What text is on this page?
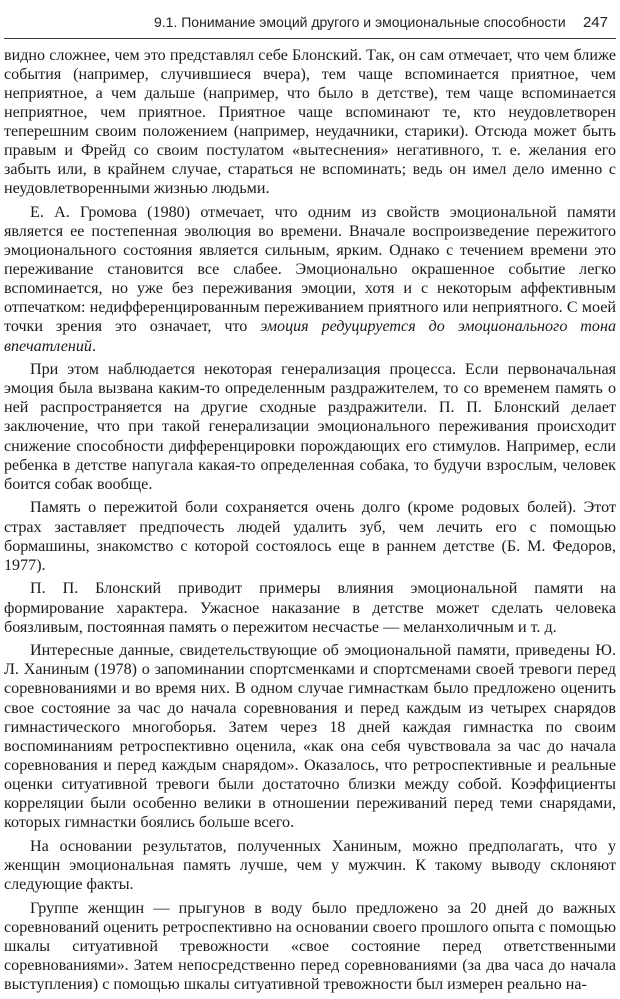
9.1. Понимание эмоций другого и эмоциональные способности 247

видно сложнее, чем это представлял себе Блонский. Так, он сам отмечает, что чем ближе события (например, случившиеся вчера), тем чаще вспоминается приятное, чем неприятное, а чем дальше (например, что было в детстве), тем чаще вспоминается неприятное, чем приятное. Приятное чаще вспоминают те, кто неудовлетворен теперешним своим положением (например, неудачники, старики). Отсюда может быть правым и Фрейд со своим постулатом «вытеснения» негативного, т. е. желания его забыть или, в крайнем случае, стараться не вспоминать; ведь он имел дело именно с неудовлетворенными жизнью людьми.

Е. А. Громова (1980) отмечает, что одним из свойств эмоциональной памяти является ее постепенная эволюция во времени. Вначале воспроизведение пережитого эмоционального состояния является сильным, ярким. Однако с течением времени это переживание становится все слабее. Эмоционально окрашенное событие легко вспоминается, но уже без переживания эмоции, хотя и с некоторым аффективным отпечатком: недифференцированным переживанием приятного или неприятного. С моей точки зрения это означает, что эмоция редуцируется до эмоционального тона впечатлений.

При этом наблюдается некоторая генерализация процесса. Если первоначальная эмоция была вызвана каким-то определенным раздражителем, то со временем память о ней распространяется на другие сходные раздражители. П. П. Блонский делает заключение, что при такой генерализации эмоционального переживания происходит снижение способности дифференцировки порождающих его стимулов. Например, если ребенка в детстве напугала какая-то определенная собака, то будучи взрослым, человек боится собак вообще.

Память о пережитой боли сохраняется очень долго (кроме родовых болей). Этот страх заставляет предпочесть людей удалить зуб, чем лечить его с помощью бормашины, знакомство с которой состоялось еще в раннем детстве (Б. М. Федоров, 1977).

П. П. Блонский приводит примеры влияния эмоциональной памяти на формирование характера. Ужасное наказание в детстве может сделать человека боязливым, постоянная память о пережитом несчастье — меланхоличным и т. д.

Интересные данные, свидетельствующие об эмоциональной памяти, приведены Ю. Л. Ханиным (1978) о запоминании спортсменками и спортсменами своей тревоги перед соревнованиями и во время них. В одном случае гимнасткам было предложено оценить свое состояние за час до начала соревнования и перед каждым из четырех снарядов гимнастического многоборья. Затем через 18 дней каждая гимнастка по своим воспоминаниям ретроспективно оценила, «как она себя чувствовала за час до начала соревнования и перед каждым снарядом». Оказалось, что ретроспективные и реальные оценки ситуативной тревоги были достаточно близки между собой. Коэффициенты корреляции были особенно велики в отношении переживаний перед теми снарядами, которых гимнастки боялись больше всего.

На основании результатов, полученных Ханиным, можно предполагать, что у женщин эмоциональная память лучше, чем у мужчин. К такому выводу склоняют следующие факты.

Группе женщин — прыгунов в воду было предложено за 20 дней до важных соревнований оценить ретроспективно на основании своего прошлого опыта с помощью шкалы ситуативной тревожности «свое состояние перед ответственными соревнованиями». Затем непосредственно перед соревнованиями (за два часа до начала выступления) с помощью шкалы ситуативной тревожности был измерен реально на-
